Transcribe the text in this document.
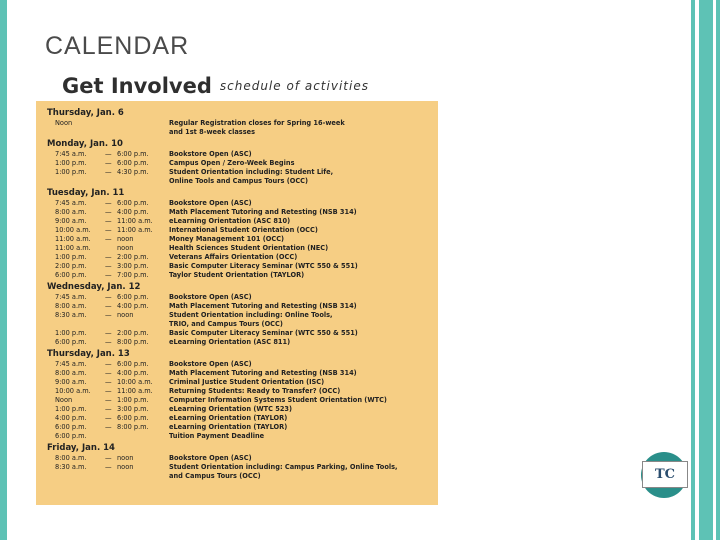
CALENDAR
Get Involved schedule of activities
Thursday, Jan. 6
Noon	Regular Registration closes for Spring 16-week
and 1st 8-week classes
Monday, Jan. 10
7:45 a.m.	— 6:00 p.m.	Bookstore Open (ASC)
1:00 p.m.	— 6:00 p.m.	Campus Open / Zero-Week Begins
1:00 p.m.	— 4:30 p.m.	Student Orientation including: Student Life,
Online Tools and Campus Tours (OCC)
Tuesday, Jan. 11
7:45 a.m.	— 6:00 p.m.	Bookstore Open (ASC)
8:00 a.m.	— 4:00 p.m.	Math Placement Tutoring and Retesting (NSB 314)
9:00 a.m.	— 11:00 a.m. eLearning Orientation (ASC 810)
10:00 a.m. — 11:00 a.m. International Student Orientation (OCC)
11:00 a.m. — noon	Money Management 101 (OCC)
11:00 a.m.	noon	Health Sciences Student Orientation (NEC)
1:00 p.m.	— 2:00 p.m.	Veterans Affairs Orientation (OCC)
2:00 p.m.	— 3:00 p.m.	Basic Computer Literacy Seminar (WTC 550 & 551)
6:00 p.m.	— 7:00 p.m.	Taylor Student Orientation (TAYLOR)
Wednesday, Jan. 12
7:45 a.m.	— 6:00 p.m.	Bookstore Open (ASC)
8:00 a.m.	— 4:00 p.m.	Math Placement Tutoring and Retesting (NSB 314)
8:30 a.m.	— noon	Student Orientation including: Online Tools,
TRIO, and Campus Tours (OCC)
1:00 p.m.	— 2:00 p.m.	Basic Computer Literacy Seminar (WTC 550 & 551)
6:00 p.m.	— 8:00 p.m.	eLearning Orientation (ASC 811)
Thursday, Jan. 13
7:45 a.m.	— 6:00 p.m.	Bookstore Open (ASC)
8:00 a.m.	— 4:00 p.m.	Math Placement Tutoring and Retesting (NSB 314)
9:00 a.m.	— 10:00 a.m. Criminal Justice Student Orientation (ISC)
10:00 a.m. — 11:00 a.m. Returning Students: Ready to Transfer? (OCC)
Noon	— 1:00 p.m.	Computer Information Systems Student Orientation (WTC)
1:00 p.m.	— 3:00 p.m.	eLearning Orientation (WTC 523)
4:00 p.m.	— 6:00 p.m.	eLearning Orientation (TAYLOR)
6:00 p.m.	— 8:00 p.m.	eLearning Orientation (TAYLOR)
6:00 p.m.	Tuition Payment Deadline
Friday, Jan. 14
8:00 a.m.	— noon	Bookstore Open (ASC)
8:30 a.m.	— noon	Student Orientation including: Campus Parking, Online Tools,
and Campus Tours (OCC)	TC
